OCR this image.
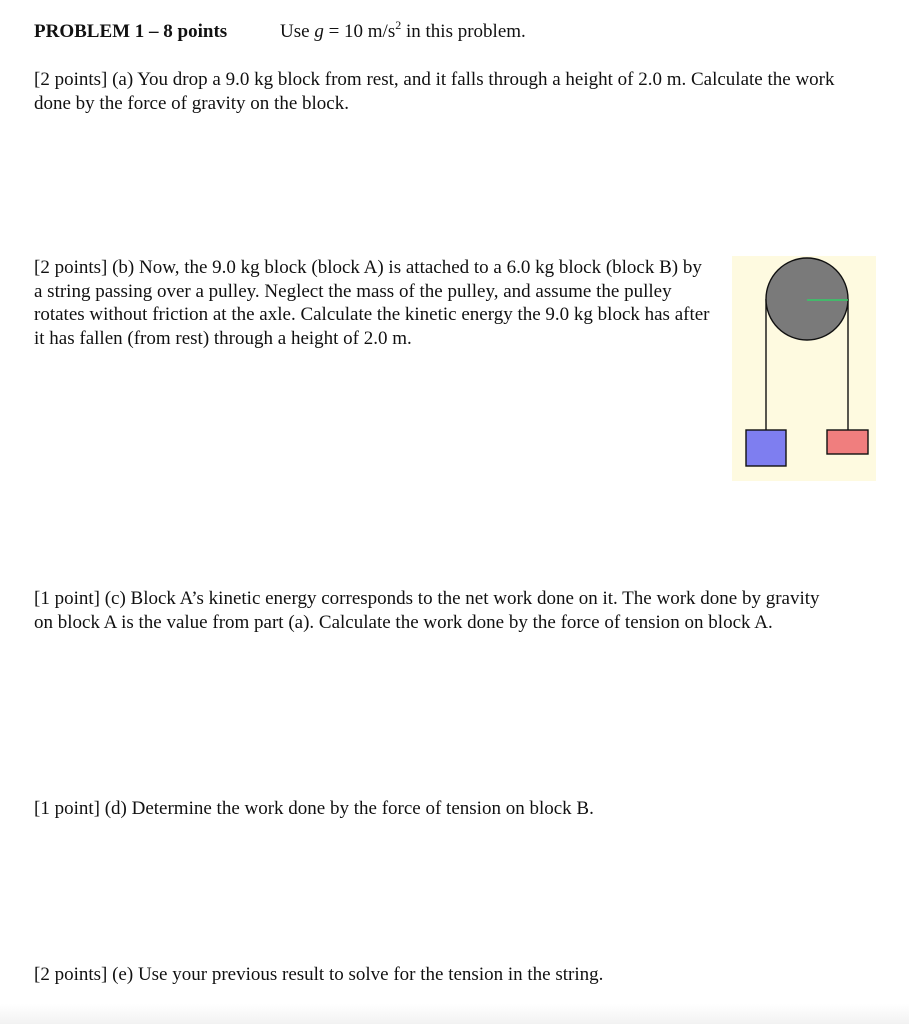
PROBLEM 1 – 8 points	Use g = 10 $m/s^2$ in this problem.

[2 points] (a) You drop a 9.0 kg block from rest, and it falls through a height of 2.0 m. Calculate the work done by the force of gravity on the block.

[2 points] (b) Now, the 9.0 kg block (block A) is attached to a 6.0 kg block (block B) by a string passing over a pulley. Neglect the mass of the pulley, and assume the pulley rotates without friction at the axle. Calculate the kinetic energy the 9.0 kg block has after it has fallen (from rest) through a height of 2.0 m.

[1 point] (c) Block A’s kinetic energy corresponds to the net work done on it. The work done by gravity on block A is the value from part (a). Calculate the work done by the force of tension on block A.

[1 point] (d) Determine the work done by the force of tension on block B.

[2 points] (e) Use your previous result to solve for the tension in the string.
